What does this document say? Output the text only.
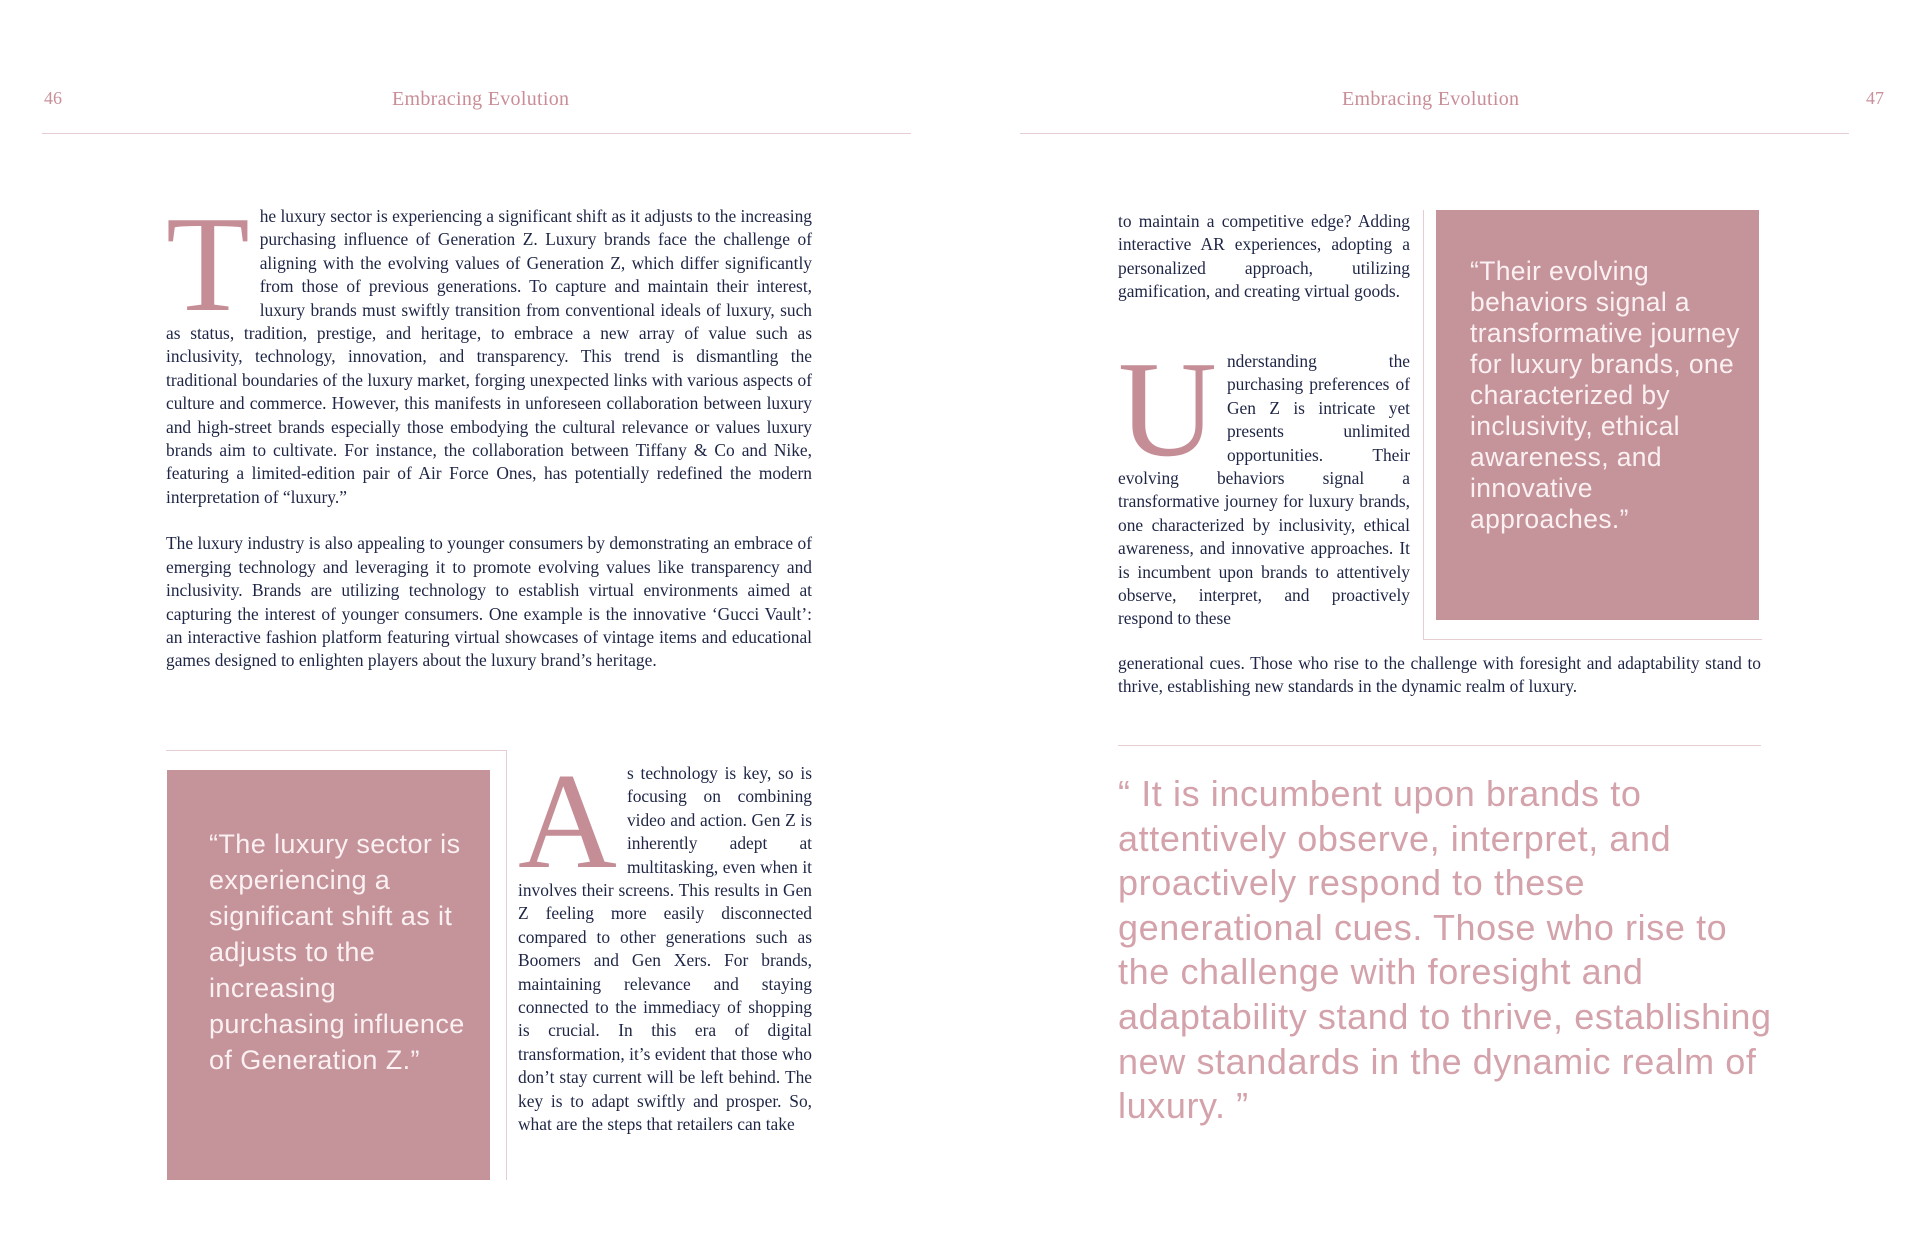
46	Embracing Evolution

The luxury sector is experiencing a significant shift as it adjusts to the increasing purchasing influence of Generation Z. Luxury brands face the challenge of aligning with the evolving values of Generation Z, which differ significantly from those of previous generations. To capture and maintain their interest, luxury brands must swiftly transition from conventional ideals of luxury, such as status, tradition, prestige, and heritage, to embrace a new array of value such as inclusivity, technology, innovation, and transparency. This trend is dismantling the traditional boundaries of the luxury market, forging unexpected links with various aspects of culture and commerce. However, this manifests in unforeseen collaboration between luxury and high-street brands especially those embodying the cultural relevance or values luxury brands aim to cultivate. For instance, the collaboration between Tiffany & Co and Nike, featuring a limited-edition pair of Air Force Ones, has potentially redefined the modern interpretation of “luxury.”

The luxury industry is also appealing to younger consumers by demonstrating an embrace of emerging technology and leveraging it to promote evolving values like transparency and inclusivity. Brands are utilizing technology to establish virtual environments aimed at capturing the interest of younger consumers. One example is the innovative ‘Gucci Vault’: an interactive fashion platform featuring virtual showcases of vintage items and educational games designed to enlighten players about the luxury brand’s heritage.

“The luxury sector is experiencing a significant shift as it adjusts to the increasing purchasing influence of Generation Z.”

As technology is key, so is focusing on combining video and action. Gen Z is inherently adept at multitasking, even when it involves their screens. This results in Gen Z feeling more easily disconnected compared to other generations such as Boomers and Gen Xers. For brands, maintaining relevance and staying connected to the immediacy of shopping is crucial. In this era of digital transformation, it’s evident that those who don’t stay current will be left behind. The key is to adapt swiftly and prosper. So, what are the steps that retailers can take

Embracing Evolution	47

to maintain a competitive edge? Adding interactive AR experiences, adopting a personalized approach, utilizing gamification, and creating virtual goods.

Understanding the purchasing preferences of Gen Z is intricate yet presents unlimited opportunities. Their evolving behaviors signal a transformative journey for luxury brands, one characterized by inclusivity, ethical awareness, and innovative approaches. It is incumbent upon brands to attentively observe, interpret, and proactively respond to these

generational cues. Those who rise to the challenge with foresight and adaptability stand to thrive, establishing new standards in the dynamic realm of luxury.

“Their evolving behaviors signal a transformative journey for luxury brands, one characterized by inclusivity, ethical awareness, and innovative approaches.”
“ It is incumbent upon brands to attentively observe, interpret, and proactively respond to these generational cues. Those who rise to the challenge with foresight and adaptability stand to thrive, establishing new standards in the dynamic realm of luxury. ”
